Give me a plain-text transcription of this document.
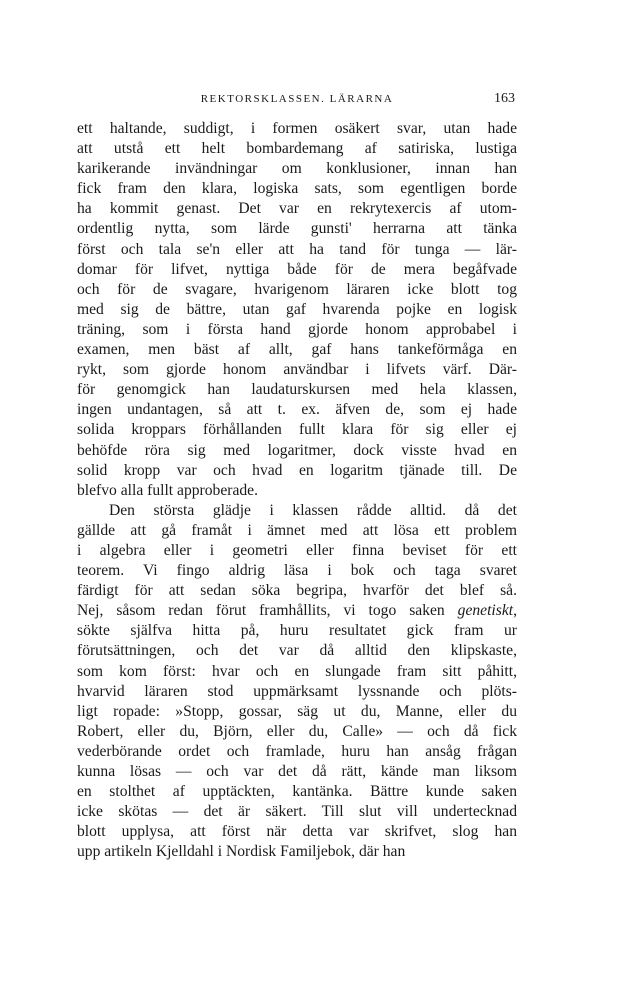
REKTORSKLASSEN. LÄRARNA	163
ett haltande, suddigt, i formen osäkert svar, utan hade
att utstå ett helt bombardemang af satiriska, lustiga
karikerande invändningar om konklusioner, innan han
fick fram den klara, logiska sats, som egentligen borde
ha kommit genast. Det var en rekrytexercis af utom-
ordentlig nytta, som lärde gunsti' herrarna att tänka
först och tala se'n eller att ha tand för tunga — lär-
domar för lifvet, nyttiga både för de mera begåfvade
och för de svagare, hvarigenom läraren icke blott tog
med sig de bättre, utan gaf hvarenda pojke en logisk
träning, som i första hand gjorde honom approbabel i
examen, men bäst af allt, gaf hans tankeförmåga en
rykt, som gjorde honom användbar i lifvets värf. Där-
för genomgick han laudaturskursen med hela klassen,
ingen undantagen, så att t. ex. äfven de, som ej hade
solida kroppars förhållanden fullt klara för sig eller ej
behöfde röra sig med logaritmer, dock visste hvad en
solid kropp var och hvad en logaritm tjänade till. De
blefvo alla fullt approberade.
Den största glädje i klassen rådde alltid. då det
gällde att gå framåt i ämnet med att lösa ett problem
i algebra eller i geometri eller finna beviset för ett
teorem. Vi fingo aldrig läsa i bok och taga svaret
färdigt för att sedan söka begripa, hvarför det blef så.
Nej, såsom redan förut framhållits, vi togo saken genetiskt,
sökte själfva hitta på, huru resultatet gick fram ur
förutsättningen, och det var då alltid den klipskaste,
som kom först: hvar och en slungade fram sitt påhitt,
hvarvid läraren stod uppmärksamt lyssnande och plöts-
ligt ropade: »Stopp, gossar, säg ut du, Manne, eller du
Robert, eller du, Björn, eller du, Calle» — och då fick
vederbörande ordet och framlade, huru han ansåg frågan
kunna lösas — och var det då rätt, kände man liksom
en stolthet af upptäckten, kantänka. Bättre kunde saken
icke skötas — det är säkert. Till slut vill undertecknad
blott upplysa, att först när detta var skrifvet, slog han
upp artikeln Kjelldahl i Nordisk Familjebok, där han
